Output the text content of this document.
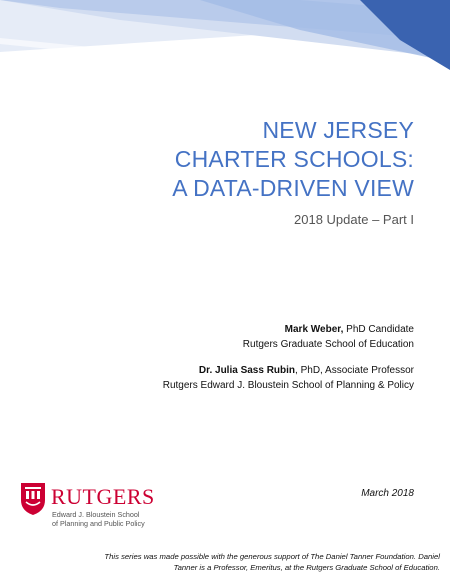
NEW JERSEY
CHARTER SCHOOLS:
A DATA-DRIVEN VIEW
2018 Update – Part I
Mark Weber, PhD Candidate
Rutgers Graduate School of Education
Dr. Julia Sass Rubin, PhD, Associate Professor
Rutgers Edward J. Bloustein School of Planning & Policy
RUTGERS
Edward J. Bloustein School
of Planning and Public Policy
March 2018
This series was made possible with the generous support of The Daniel Tanner Foundation. Daniel
Tanner is a Professor, Emeritus, at the Rutgers Graduate School of Education.
